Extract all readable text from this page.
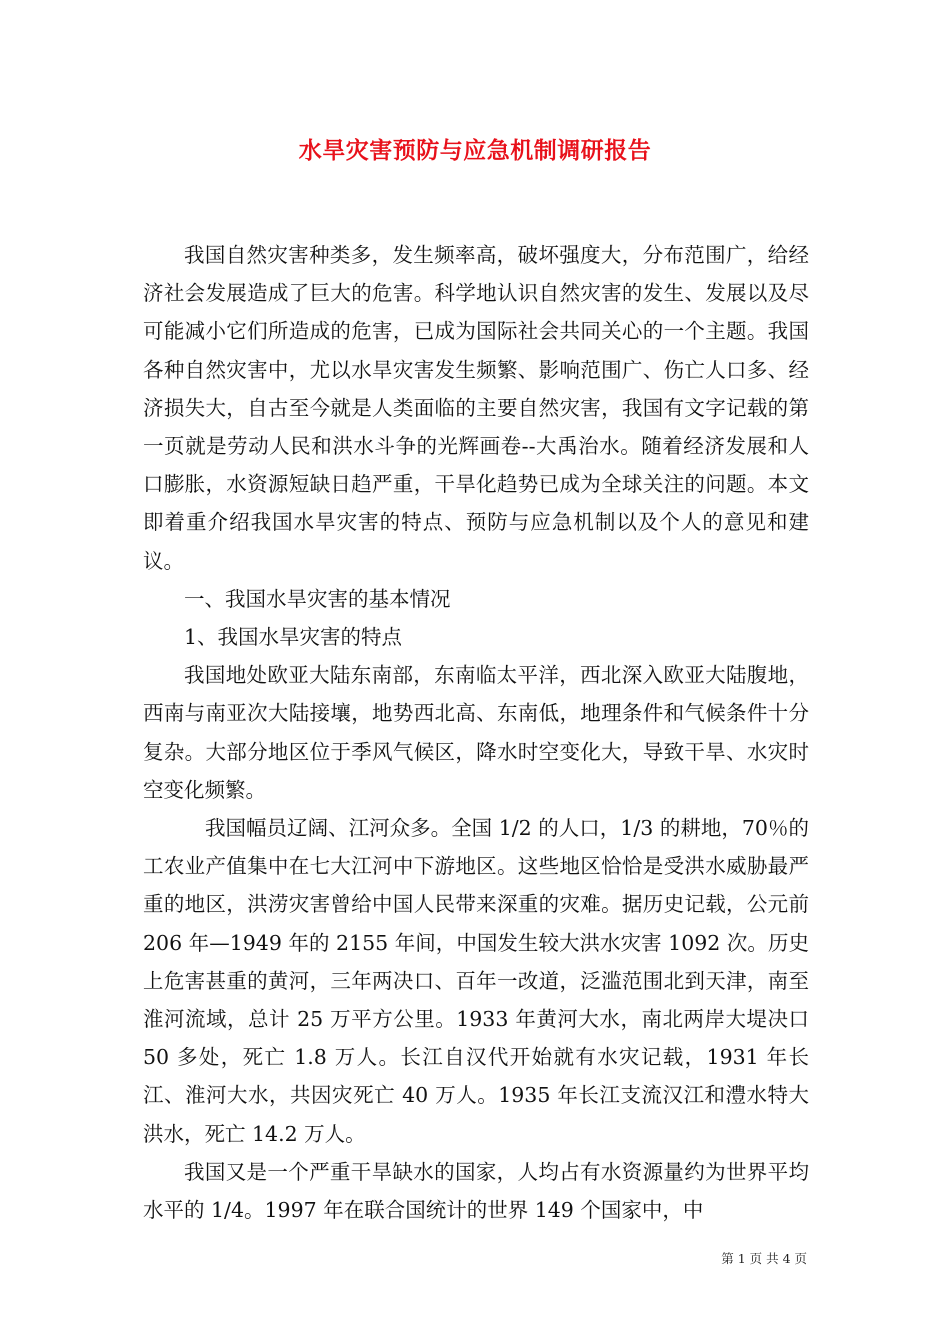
水旱灾害预防与应急机制调研报告

我国自然灾害种类多，发生频率高，破坏强度大，分布范围广，给经济社会发展造成了巨大的危害。科学地认识自然灾害的发生、发展以及尽可能减小它们所造成的危害，已成为国际社会共同关心的一个主题。我国各种自然灾害中，尤以水旱灾害发生频繁、影响范围广、伤亡人口多、经济损失大，自古至今就是人类面临的主要自然灾害，我国有文字记载的第一页就是劳动人民和洪水斗争的光辉画卷--大禹治水。随着经济发展和人口膨胀，水资源短缺日趋严重，干旱化趋势已成为全球关注的问题。本文即着重介绍我国水旱灾害的特点、预防与应急机制以及个人的意见和建议。

一、我国水旱灾害的基本情况

1、我国水旱灾害的特点

我国地处欧亚大陆东南部，东南临太平洋，西北深入欧亚大陆腹地，西南与南亚次大陆接壤，地势西北高、东南低，地理条件和气候条件十分复杂。大部分地区位于季风气候区，降水时空变化大，导致干旱、水灾时空变化频繁。

我国幅员辽阔、江河众多。全国 1/2 的人口，1/3 的耕地，70％的工农业产值集中在七大江河中下游地区。这些地区恰恰是受洪水威胁最严重的地区，洪涝灾害曾给中国人民带来深重的灾难。据历史记载，公元前 206 年—1949 年的 2155 年间，中国发生较大洪水灾害 1092 次。历史上危害甚重的黄河，三年两决口、百年一改道，泛滥范围北到天津，南至淮河流域，总计 25 万平方公里。1933 年黄河大水，南北两岸大堤决口 50 多处，死亡 1.8 万人。长江自汉代开始就有水灾记载，1931 年长江、淮河大水，共因灾死亡 40 万人。1935 年长江支流汉江和澧水特大洪水，死亡 14.2 万人。

我国又是一个严重干旱缺水的国家，人均占有水资源量约为世界平均水平的 1/4。1997 年在联合国统计的世界 149 个国家中，中

第 1 页 共 4 页
